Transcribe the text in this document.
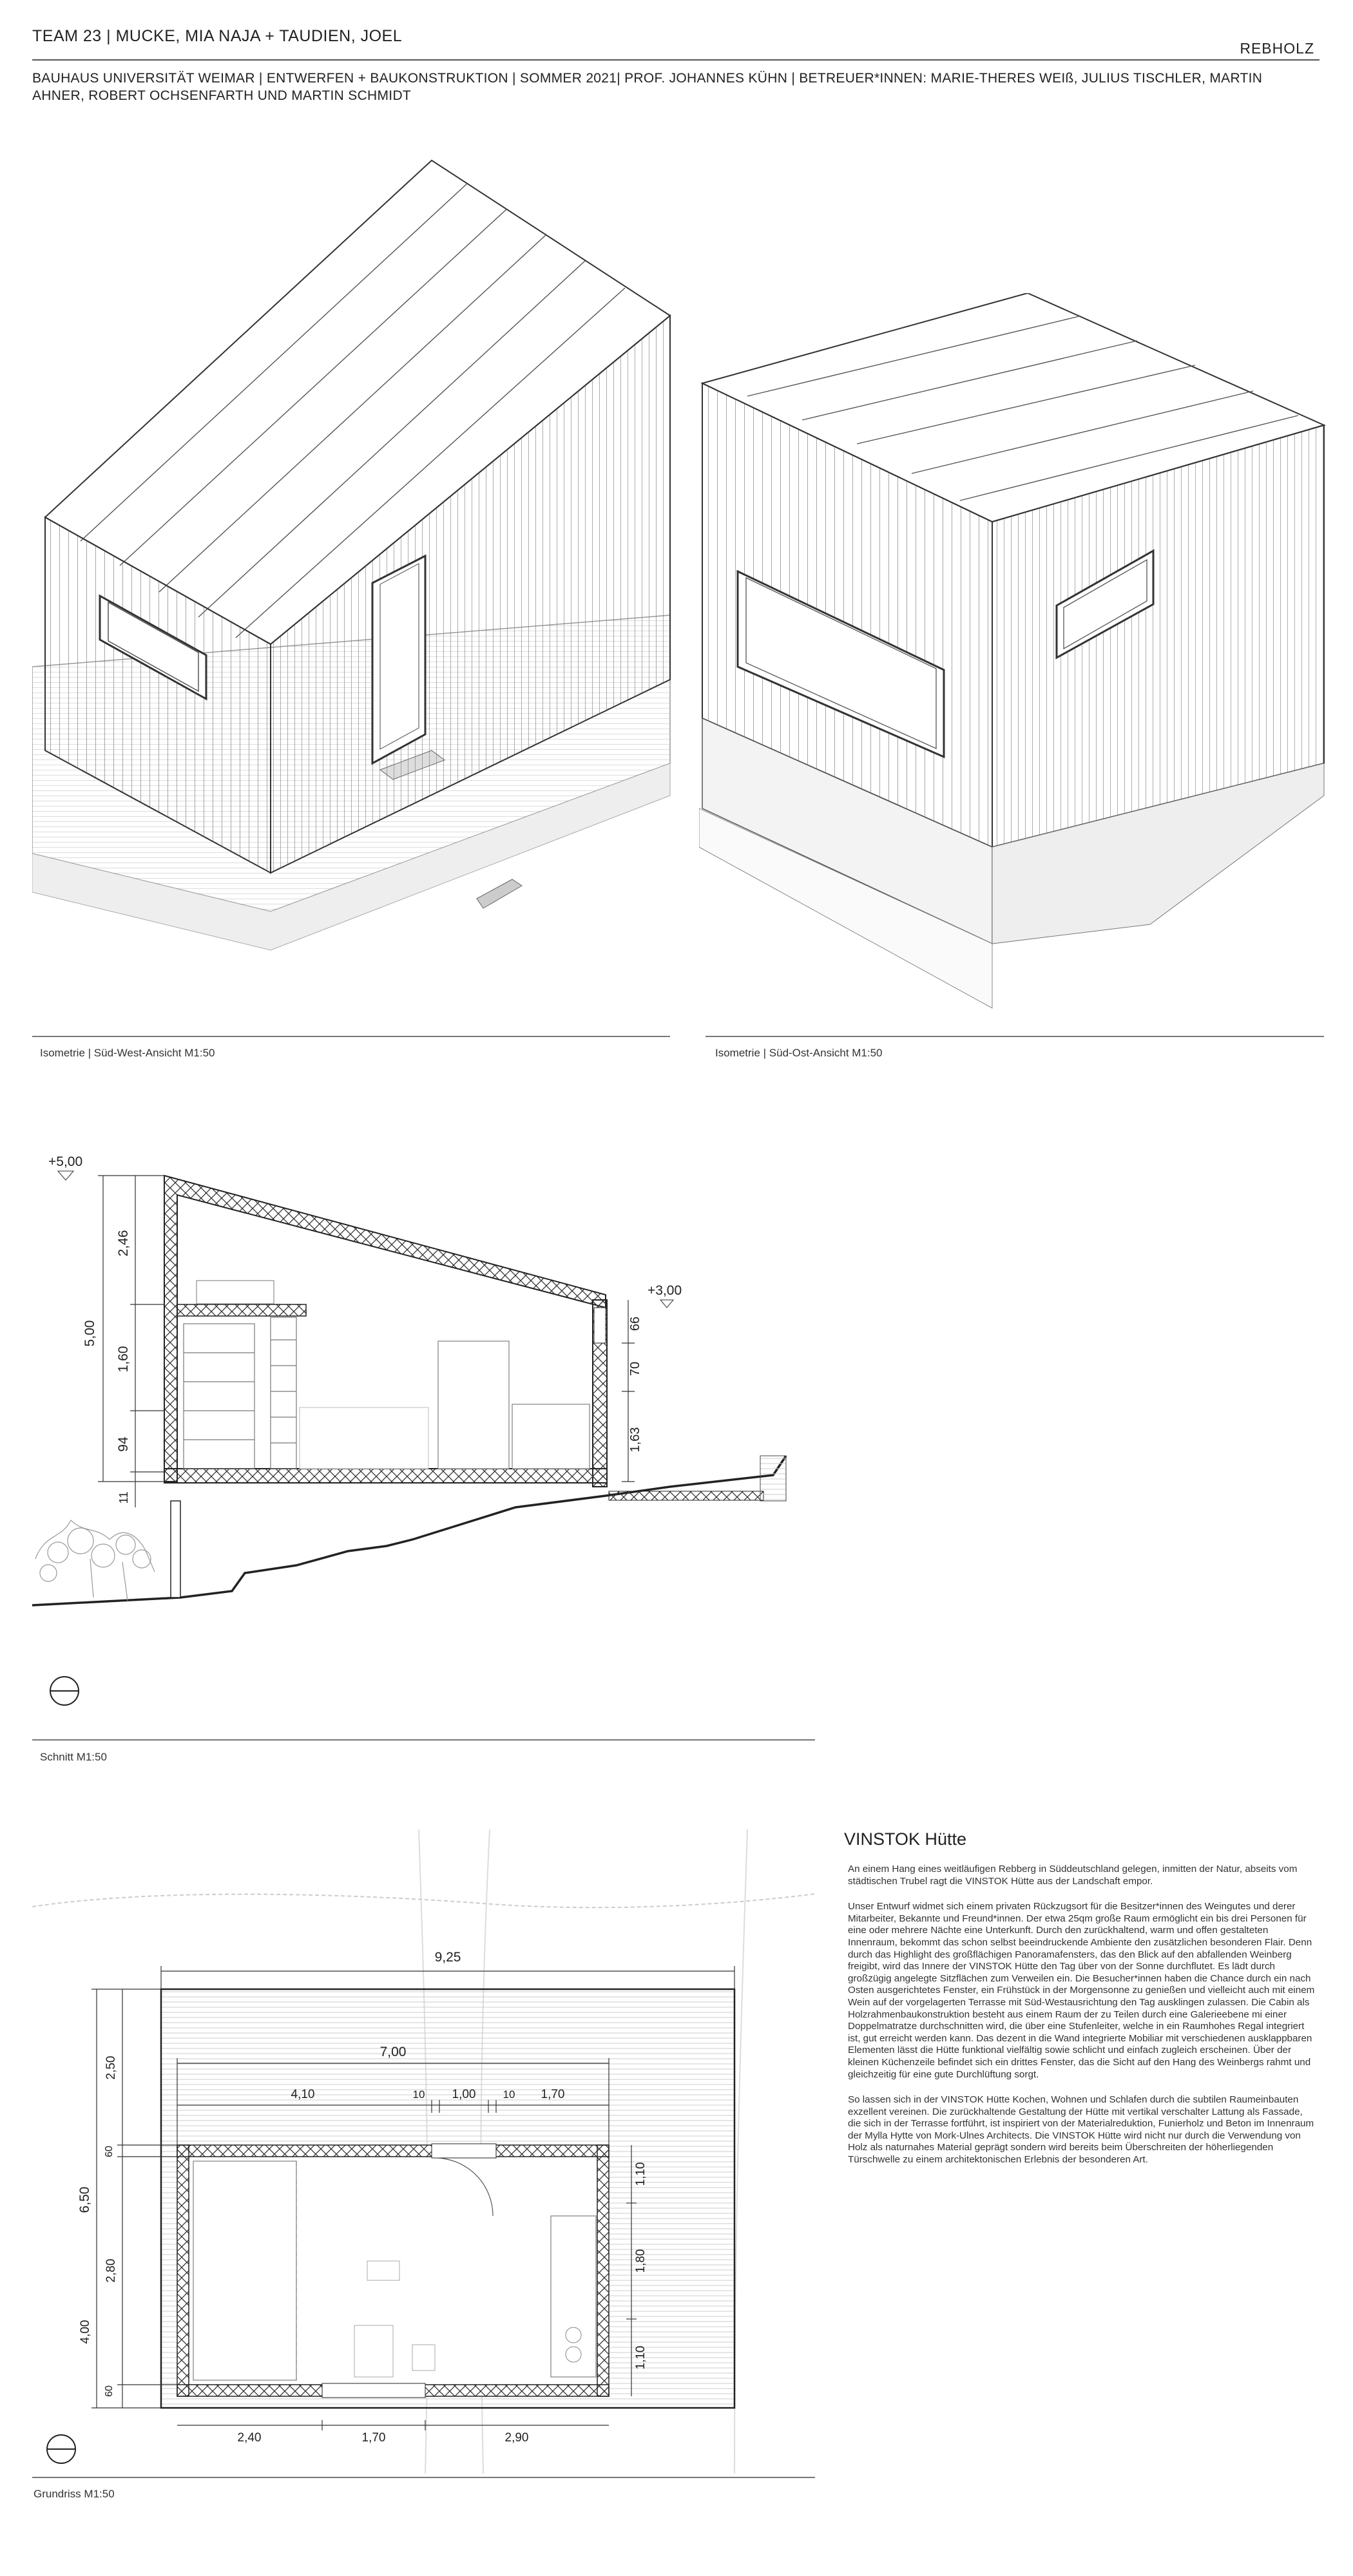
TEAM 23 | MUCKE, MIA NAJA + TAUDIEN, JOEL
REBHOLZ
BAUHAUS UNIVERSITÄT WEIMAR | ENTWERFEN + BAUKONSTRUKTION | SOMMER 2021| PROF. JOHANNES KÜHN | BETREUER*INNEN: MARIE-THERES WEIß, JULIUS TISCHLER, MARTIN AHNER, ROBERT OCHSENFARTH UND MARTIN SCHMIDT
Isometrie | Süd-West-Ansicht M1:50	Isometrie | Süd-Ost-Ansicht M1:50
5,00
2,46
1,60
94
11
+5,00
+3,00
66
70
1,63
Schnitt M1:50
9,25
7,00
4,10	10 1,00 10 1,70
6,50
2,50
60
4,00
2,80
60
1,10
1,80
1,10
2,40	1,70	2,90
Grundriss M1:50
VINSTOK Hütte

An einem Hang eines weitläufigen Rebberg in Süddeutschland gelegen, inmitten der Natur, abseits vom städtischen Trubel ragt die VINSTOK Hütte aus der Landschaft empor.

Unser Entwurf widmet sich einem privaten Rückzugsort für die Besitzer*innen des Weingutes und derer Mitarbeiter, Bekannte und Freund*innen. Der etwa 25qm große Raum ermöglicht ein bis drei Personen für eine oder mehrere Nächte eine Unterkunft. Durch den zurückhaltend, warm und offen gestalteten Innenraum, bekommt das schon selbst beeindruckende Ambiente den zusätzlichen besonderen Flair. Denn durch das Highlight des großflächigen Panoramafensters, das den Blick auf den abfallenden Weinberg freigibt, wird das Innere der VINSTOK Hütte den Tag über von der Sonne durchflutet. Es lädt durch großzügig angelegte Sitzflächen zum Verweilen ein. Die Besucher*innen haben die Chance durch ein nach Osten ausgerichtetes Fenster, ein Frühstück in der Morgensonne zu genießen und vielleicht auch mit einem Wein auf der vorgelagerten Terrasse mit Süd-Westausrichtung den Tag ausklingen zulassen. Die Cabin als Holzrahmenbaukonstruktion besteht aus einem Raum der zu Teilen durch eine Galerieebene mi einer Doppelmatratze durchschnitten wird, die über eine Stufenleiter, welche in ein Raumhohes Regal integriert ist, gut erreicht werden kann. Das dezent in die Wand integrierte Mobiliar mit verschiedenen ausklappbaren Elementen lässt die Hütte funktional vielfältig sowie schlicht und einfach zugleich erscheinen. Über der kleinen Küchenzeile befindet sich ein drittes Fenster, das die Sicht auf den Hang des Weinbergs rahmt und gleichzeitig für eine gute Durchlüftung sorgt.

So lassen sich in der VINSTOK Hütte Kochen, Wohnen und Schlafen durch die subtilen Raumeinbauten exzellent vereinen. Die zurückhaltende Gestaltung der Hütte mit vertikal verschalter Lattung als Fassade, die sich in der Terrasse fortführt, ist inspiriert von der Materialreduktion, Funierholz und Beton im Innenraum der Mylla Hytte von Mork-Ulnes Architects. Die VINSTOK Hütte wird nicht nur durch die Verwendung von Holz als naturnahes Material geprägt sondern wird bereits beim Überschreiten der höherliegenden Türschwelle zu einem architektonischen Erlebnis der besonderen Art.
